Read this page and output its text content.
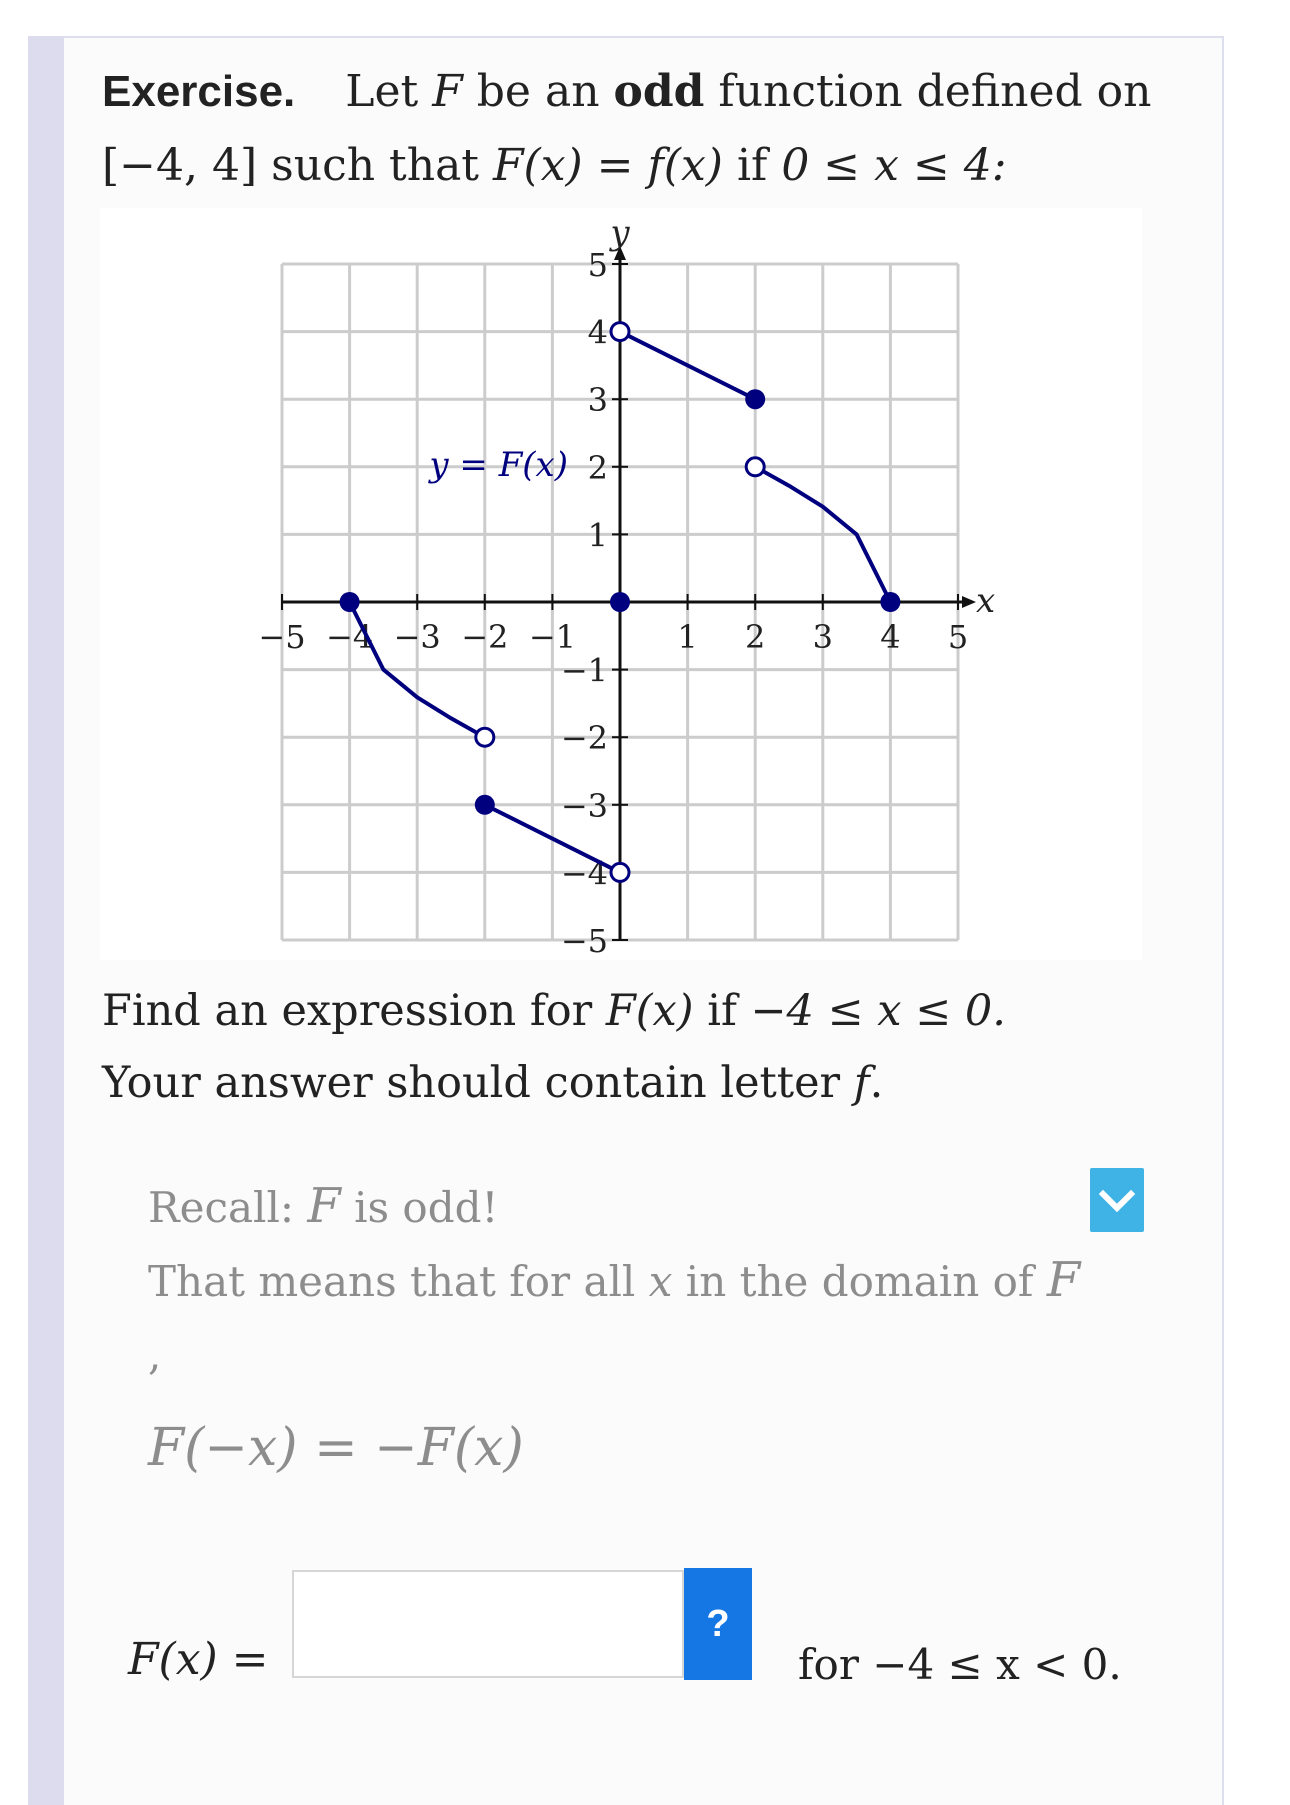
Exercise. Let F be an odd function defined on
[−4, 4] such that F(x) = f(x) if 0 ≤ x ≤ 4:
−5 −4 −3 −2 −1	1 2 3 4 5
5
4
3
2
1
−1
−2
−3
−4
−5
y = F(x)
x
y
Find an expression for F(x) if −4 ≤ x ≤ 0.
Your answer should contain letter f.
Recall: F is odd!
That means that for all x in the domain of F
,
F(−x) = −F(x)
F(x) =
?
for −4 ≤ x < 0.
